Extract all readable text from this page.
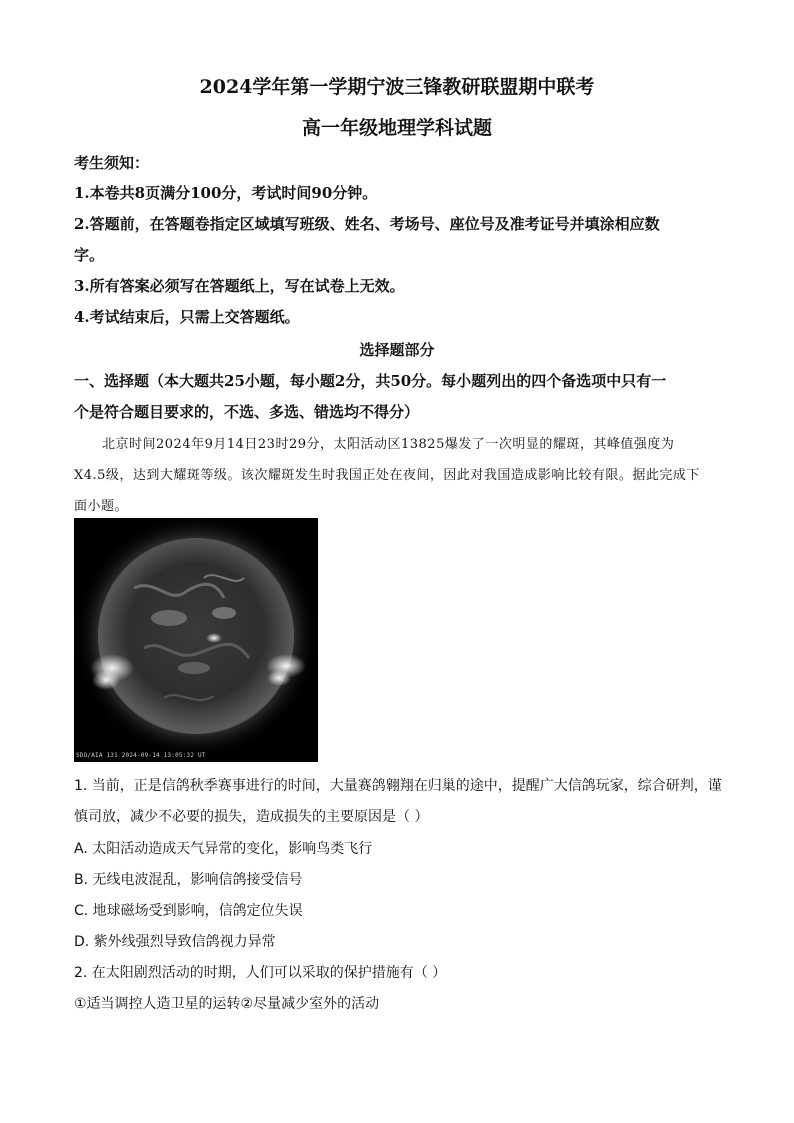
2024学年第一学期宁波三锋教研联盟期中联考
高一年级地理学科试题
考生须知：
1.本卷共8页满分100分，考试时间90分钟。
2.答题前，在答题卷指定区域填写班级、姓名、考场号、座位号及准考证号并填涂相应数
字。
3.所有答案必须写在答题纸上，写在试卷上无效。
4.考试结束后，只需上交答题纸。
选择题部分
一、选择题（本大题共25小题，每小题2分，共50分。每小题列出的四个备选项中只有一
个是符合题目要求的，不选、多选、错选均不得分）
北京时间2024年9月14日23时29分，太阳活动区13825爆发了一次明显的耀斑，其峰值强度为
X4.5级，达到大耀斑等级。该次耀斑发生时我国正处在夜间，因此对我国造成影响比较有限。据此完成下
面小题。
SDO/AIA 131 2024-09-14 13:05:32 UT
1. 当前，正是信鸽秋季赛事进行的时间，大量赛鸽翱翔在归巢的途中，提醒广大信鸽玩家，综合研判，谨
慎司放，减少不必要的损失，造成损失的主要原因是（ ）
A. 太阳活动造成天气异常的变化，影响鸟类飞行
B. 无线电波混乱，影响信鸽接受信号
C. 地球磁场受到影响，信鸽定位失误
D. 紫外线强烈导致信鸽视力异常
2. 在太阳剧烈活动的时期，人们可以采取的保护措施有（ ）
①适当调控人造卫星的运转②尽量减少室外的活动
